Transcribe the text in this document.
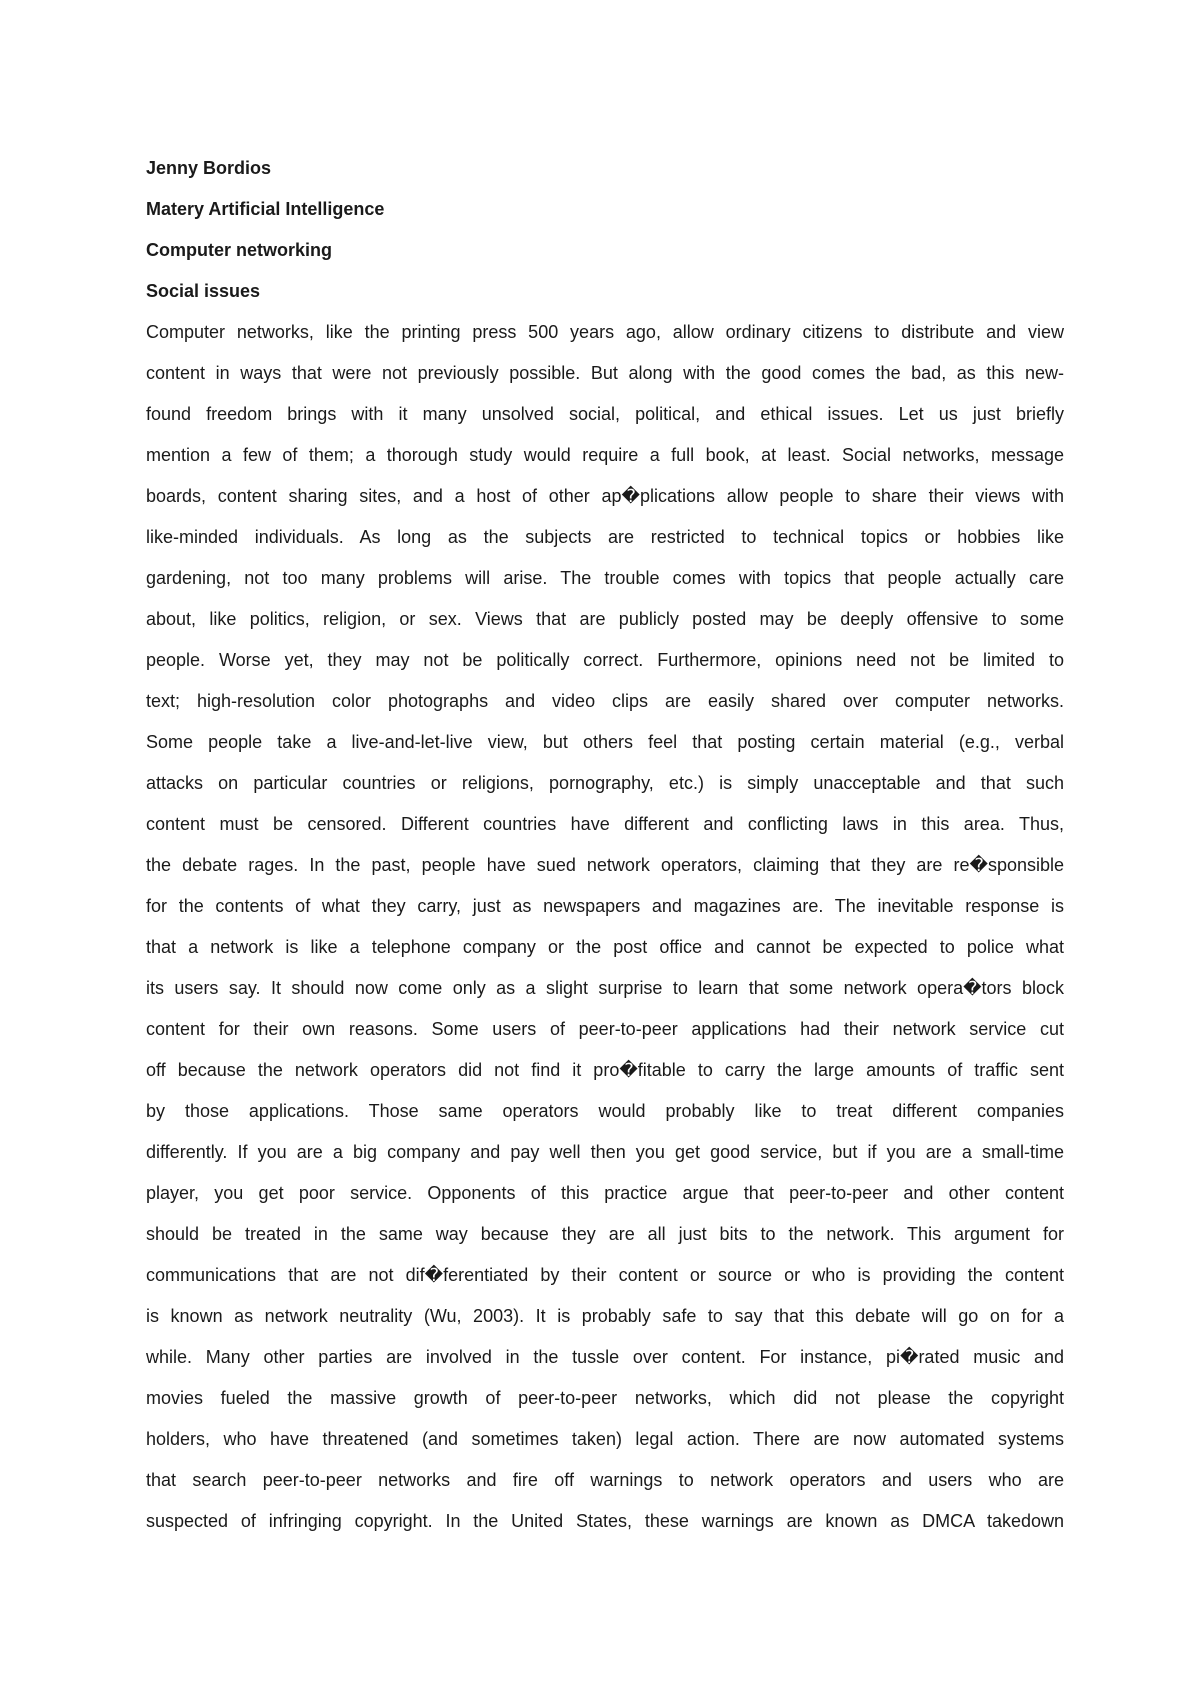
Jenny Bordios

Matery Artificial Intelligence

Computer networking

Social issues

Computer networks, like the printing press 500 years ago, allow ordinary citizens to distribute and view

content in ways that were not previously possible. But along with the good comes the bad, as this new-

found freedom brings with it many unsolved social, political, and ethical issues. Let us just briefly

mention a few of them; a thorough study would require a full book, at least. Social networks, message

boards, content sharing sites, and a host of other ap�plications allow people to share their views with

like-minded individuals. As long as the subjects are restricted to technical topics or hobbies like

gardening, not too many problems will arise. The trouble comes with topics that people actually care

about, like politics, religion, or sex. Views that are publicly posted may be deeply offensive to some

people. Worse yet, they may not be politically correct. Furthermore, opinions need not be limited to

text; high-resolution color photographs and video clips are easily shared over computer networks.

Some people take a live-and-let-live view, but others feel that posting certain material (e.g., verbal

attacks on particular countries or religions, pornography, etc.) is simply unacceptable and that such

content must be censored. Different countries have different and conflicting laws in this area. Thus,

the debate rages. In the past, people have sued network operators, claiming that they are re�sponsible

for the contents of what they carry, just as newspapers and magazines are. The inevitable response is

that a network is like a telephone company or the post office and cannot be expected to police what

its users say. It should now come only as a slight surprise to learn that some network opera�tors block

content for their own reasons. Some users of peer-to-peer applications had their network service cut

off because the network operators did not find it pro�fitable to carry the large amounts of traffic sent

by those applications. Those same operators would probably like to treat different companies

differently. If you are a big company and pay well then you get good service, but if you are a small-time

player, you get poor service. Opponents of this practice argue that peer-to-peer and other content

should be treated in the same way because they are all just bits to the network. This argument for

communications that are not dif�ferentiated by their content or source or who is providing the content

is known as network neutrality (Wu, 2003). It is probably safe to say that this debate will go on for a

while. Many other parties are involved in the tussle over content. For instance, pi�rated music and

movies fueled the massive growth of peer-to-peer networks, which did not please the copyright

holders, who have threatened (and sometimes taken) legal action. There are now automated systems

that search peer-to-peer networks and fire off warnings to network operators and users who are

suspected of infringing copyright. In the United States, these warnings are known as DMCA takedown
